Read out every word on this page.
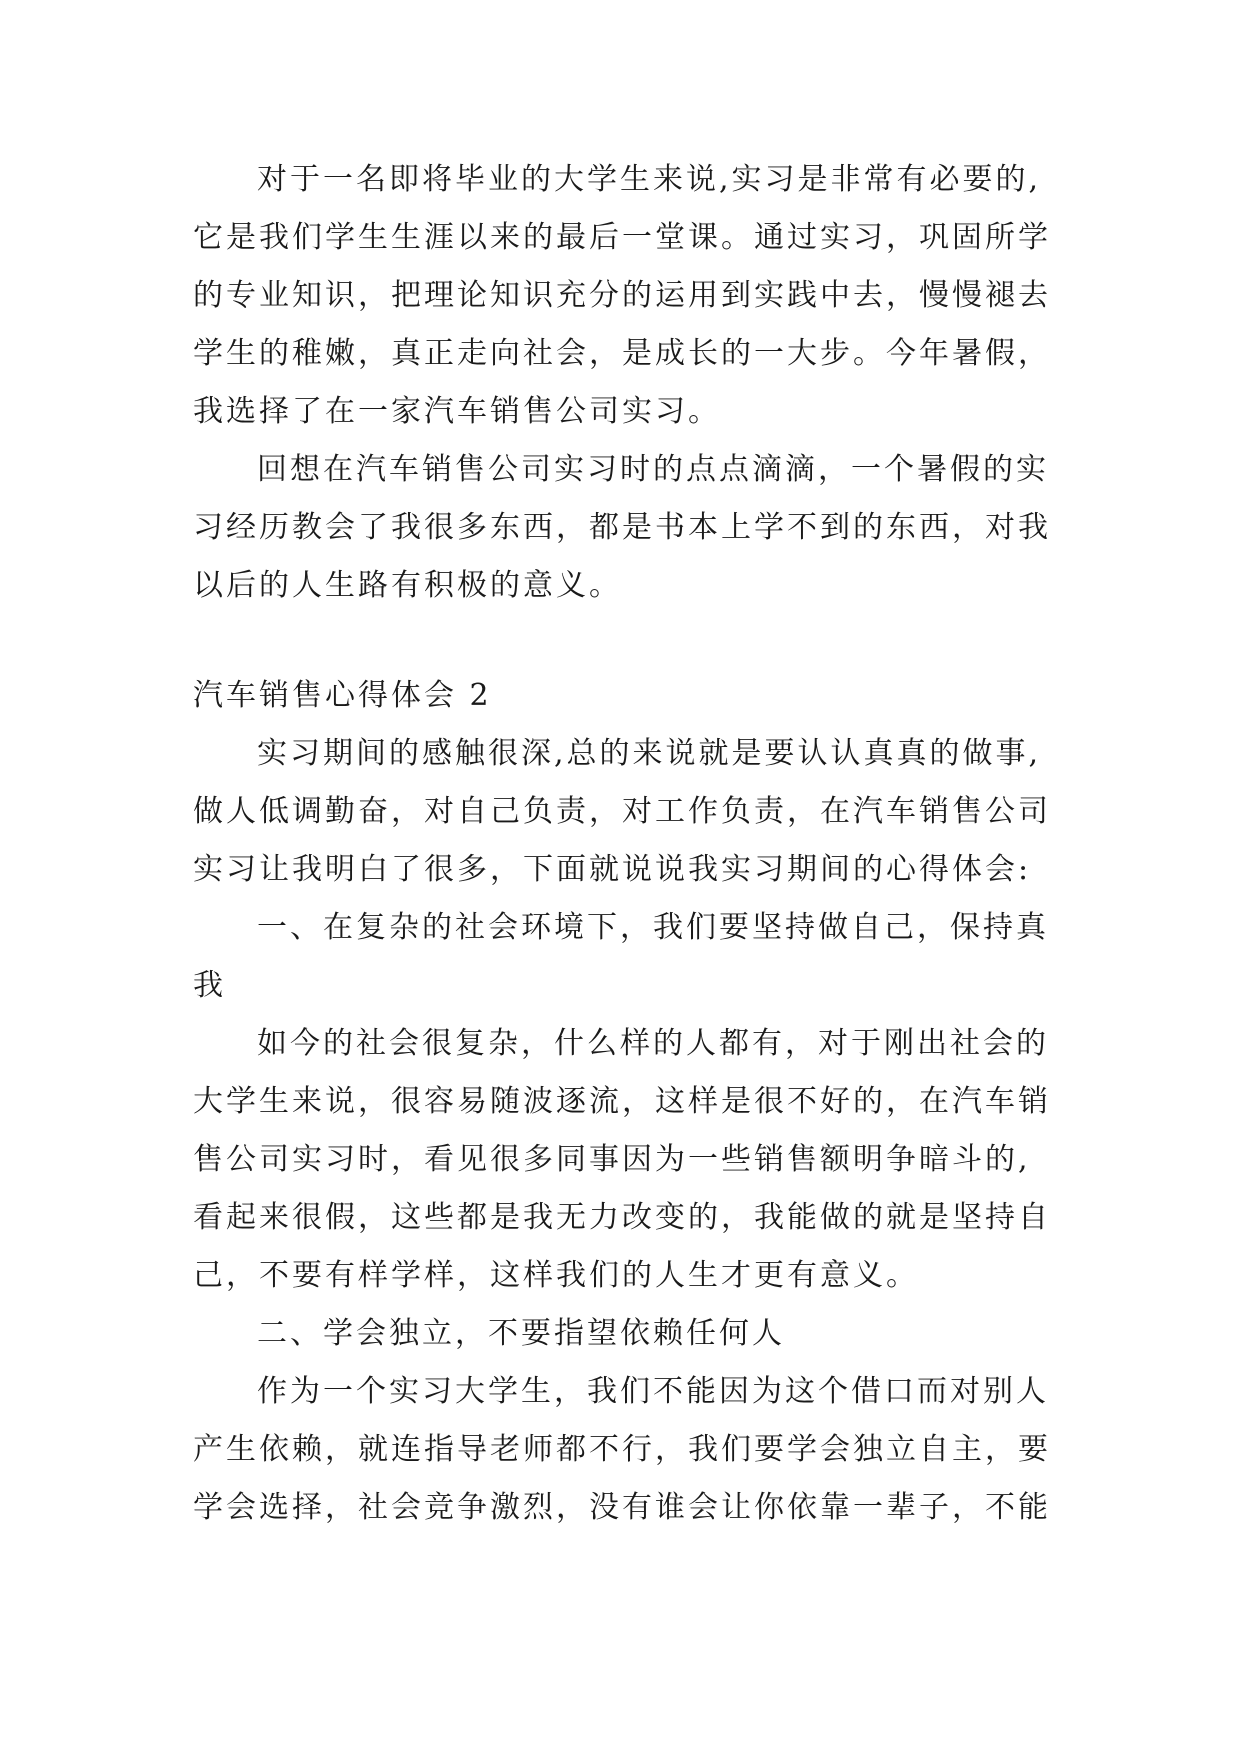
对于一名即将毕业的大学生来说,实习是非常有必要的,
它是我们学生生涯以来的最后一堂课。通过实习，巩固所学
的专业知识，把理论知识充分的运用到实践中去，慢慢褪去
学生的稚嫩，真正走向社会，是成长的一大步。今年暑假，
我选择了在一家汽车销售公司实习。
回想在汽车销售公司实习时的点点滴滴，一个暑假的实
习经历教会了我很多东西，都是书本上学不到的东西，对我
以后的人生路有积极的意义。
汽车销售心得体会 2
实习期间的感触很深,总的来说就是要认认真真的做事,
做人低调勤奋，对自己负责，对工作负责，在汽车销售公司
实习让我明白了很多，下面就说说我实习期间的心得体会:
一、在复杂的社会环境下，我们要坚持做自己，保持真
我
如今的社会很复杂，什么样的人都有，对于刚出社会的
大学生来说，很容易随波逐流，这样是很不好的，在汽车销
售公司实习时，看见很多同事因为一些销售额明争暗斗的,
看起来很假，这些都是我无力改变的，我能做的就是坚持自
己，不要有样学样，这样我们的人生才更有意义。
二、学会独立，不要指望依赖任何人
作为一个实习大学生，我们不能因为这个借口而对别人
产生依赖，就连指导老师都不行，我们要学会独立自主，要
学会选择，社会竞争激烈，没有谁会让你依靠一辈子，不能
